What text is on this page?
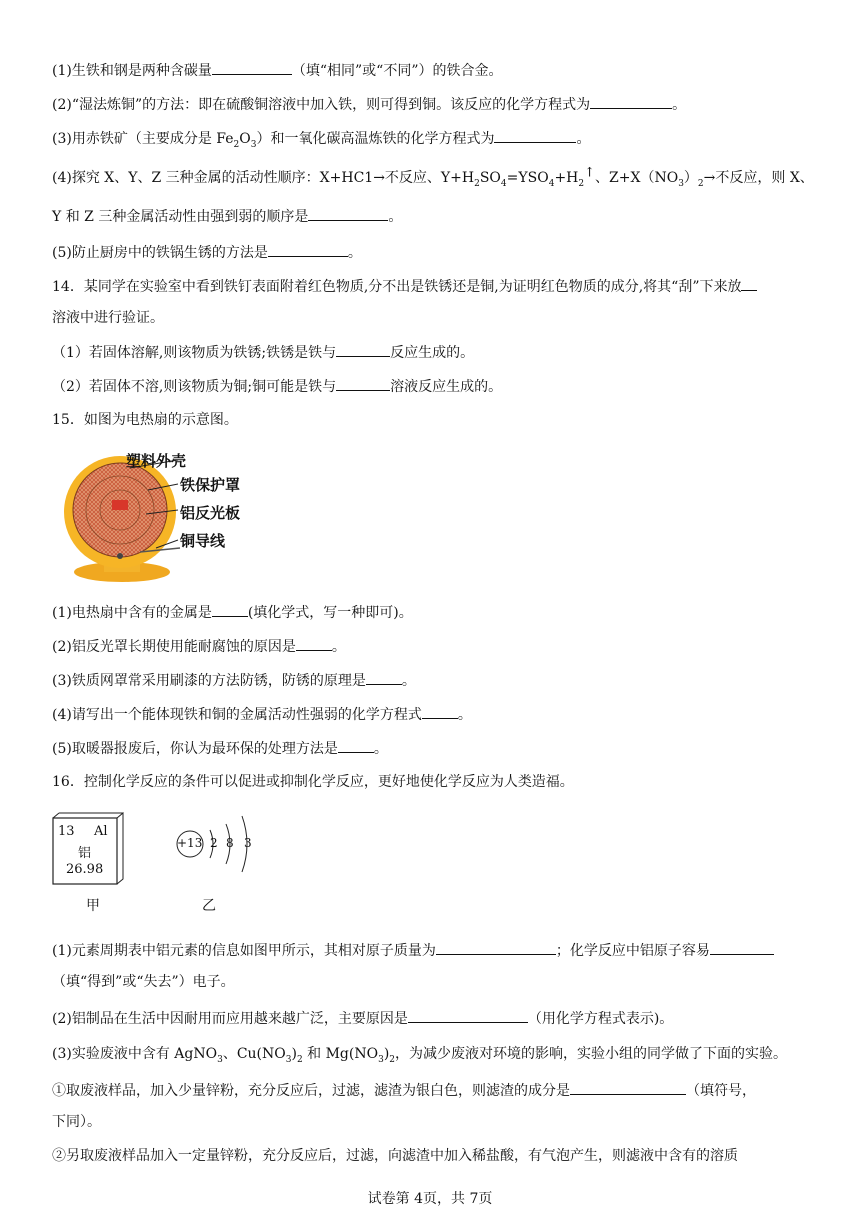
(1)生铁和钢是两种含碳量	（填“相同”或“不同”）的铁合金。
(2)“湿法炼铜”的方法：即在硫酸铜溶液中加入铁，则可得到铜。该反应的化学方程式为	。
(3)用赤铁矿（主要成分是 $Fe_2O_3$）和一氧化碳高温炼铁的化学方程式为	。
(4)探究 X、Y、Z 三种金属的活动性顺序：X+HC1→不反应、$Y+H_2SO_4=YSO_4+H_2^↑$、$Z+X(NO_3)_2\to$不反应，则 X、
Y 和 Z 三种金属活动性由强到弱的顺序是	。
(5)防止厨房中的铁锅生锈的方法是	。
14．某同学在实验室中看到铁钉表面附着红色物质,分不出是铁锈还是铜,为证明红色物质的成分,将其“刮”下来放
溶液中进行验证。
（1）若固体溶解,则该物质为铁锈;铁锈是铁与	反应生成的。
（2）若固体不溶,则该物质为铜;铜可能是铁与	溶液反应生成的。
15．如图为电热扇的示意图。
塑料外壳
铁保护罩
铝反光板
铜导线
(1)电热扇中含有的金属是	(填化学式，写一种即可)。
(2)铝反光罩长期使用能耐腐蚀的原因是	。
(3)铁质网罩常采用刷漆的方法防锈，防锈的原理是	。
(4)请写出一个能体现铁和铜的金属活动性强弱的化学方程式	。
(5)取暖器报废后，你认为最环保的处理方法是	。
16．控制化学反应的条件可以促进或抑制化学反应，更好地使化学反应为人类造福。
13 Al
铝
26.98
+13 2 8 3
甲	乙
(1)元素周期表中铝元素的信息如图甲所示，其相对原子质量为	；化学反应中铝原子容易
（填“得到”或“失去”）电子。
(2)铝制品在生活中因耐用而应用越来越广泛，主要原因是	（用化学方程式表示)。
(3)实验废液中含有 AgNO$_3$、$Cu(NO_3)_2$ 和 $Mg(NO_3)_2$，为减少废液对环境的影响，实验小组的同学做了下面的实验。
①取废液样品，加入少量锌粉，充分反应后，过滤，滤渣为银白色，则滤渣的成分是	（填符号，
下同）。
②另取废液样品加入一定量锌粉，充分反应后，过滤，向滤渣中加入稀盐酸，有气泡产生，则滤液中含有的溶质
试卷第 4页，共 7页
